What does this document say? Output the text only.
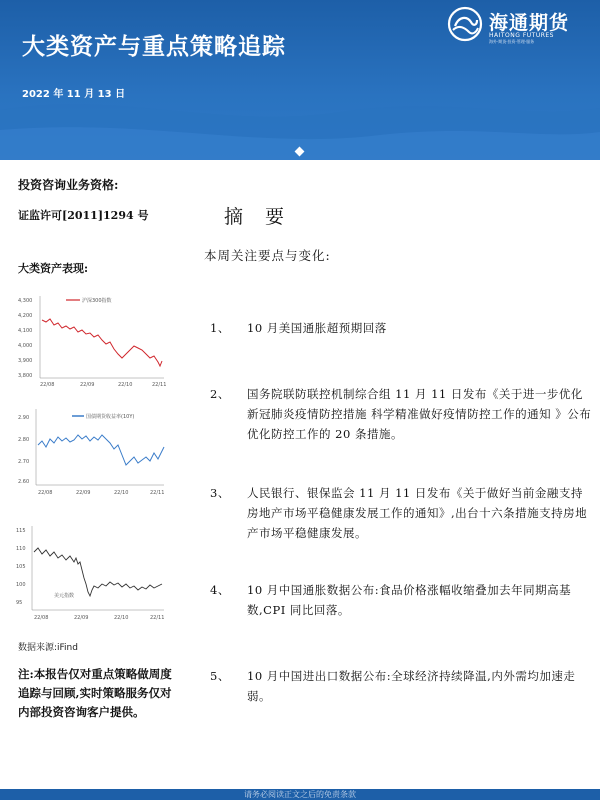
大类资产与重点策略追踪
2022 年 11 月 13 日
海通期货
HAITONG FUTURES
海外·期货·投资·管理·服务
投资咨询业务资格:
证监许可[2011]1294 号
大类资产表现:
沪深300指数
4,300
4,200
4,100
4,000
3,900
3,800
22/08	22/09	22/10	22/11
国债期货收益率(10Y)
2.90
2.80
2.70
2.60
22/08	22/09	22/10	22/11
115
110
105
100
95
美元指数
22/08	22/09	22/10	22/11
数据来源:iFind
注:本报告仅对重点策略做周度追踪与回顾,实时策略服务仅对内部投资咨询客户提供。
摘 要
本周关注要点与变化:
1、	10 月美国通胀超预期回落
2、	国务院联防联控机制综合组 11 月 11 日发布《关于进一步优化新冠肺炎疫情防控措施 科学精准做好疫情防控工作的通知 》公布优化防控工作的 20 条措施。
3、	人民银行、银保监会 11 月 11 日发布《关于做好当前金融支持房地产市场平稳健康发展工作的通知》,出台十六条措施支持房地产市场平稳健康发展。
4、	10 月中国通胀数据公布:食品价格涨幅收缩叠加去年同期高基数,CPI 同比回落。
5、	10 月中国进出口数据公布:全球经济持续降温,内外需均加速走弱。
请务必阅读正文之后的免责条款
